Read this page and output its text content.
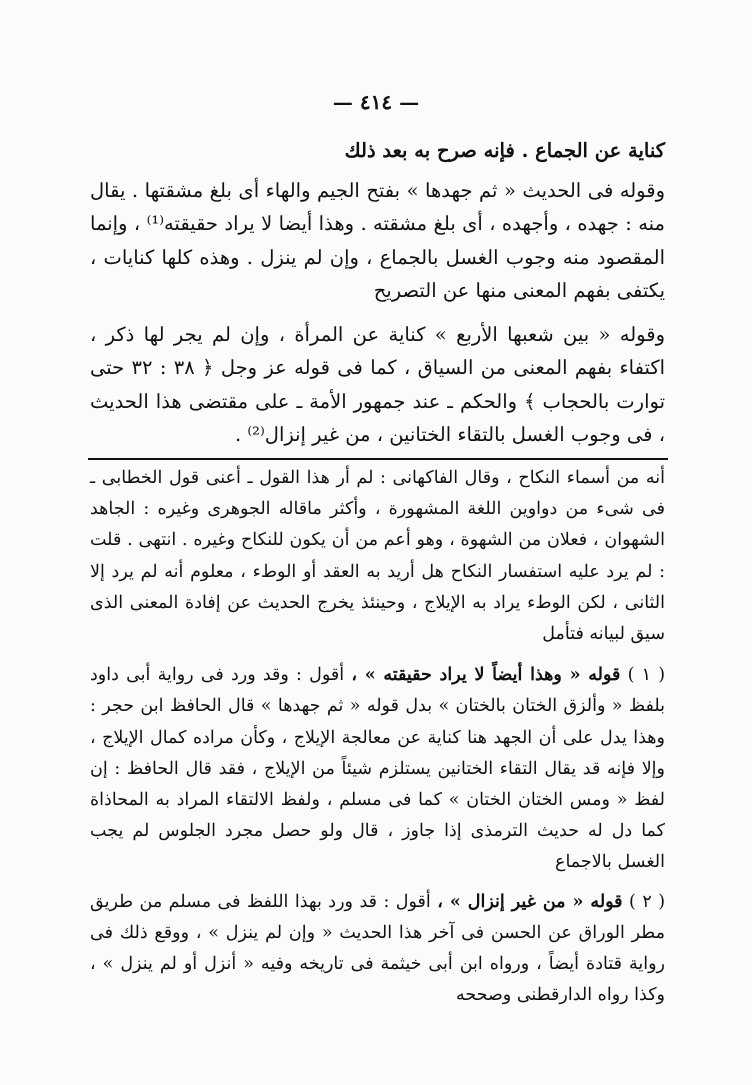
— ٤١٤ —

كناية عن الجماع . فإنه صرح به بعد ذلك

وقوله فى الحديث « ثم جهدها » بفتح الجيم والهاء أى بلغ مشقتها . يقال منه : جهده ، وأجهده ، أى بلغ مشقته . وهذا أيضا لا يراد حقيقته⁽¹⁾ ، وإنما المقصود منه وجوب الغسل بالجماع ، وإن لم ينزل . وهذه كلها كنايات ، يكتفى بفهم المعنى منها عن التصريح

وقوله « بين شعبها الأربع » كناية عن المرأة ، وإن لم يجر لها ذكر ، اكتفاء بفهم المعنى من السياق ، كما فى قوله عز وجل ﴿ ٣٨ : ٣٢ حتى توارت بالحجاب ﴾ والحكم ـ عند جمهور الأمة ـ على مقتضى هذا الحديث ، فى وجوب الغسل بالتقاء الختانين ، من غير إنزال⁽²⁾ .

أنه من أسماء النكاح ، وقال الفاكهانى : لم أر هذا القول ـ أعنى قول الخطابى ـ فى شىء من دواوين اللغة المشهورة ، وأكثر ماقاله الجوهرى وغيره : الجاهد الشهوان ، فعلان من الشهوة ، وهو أعم من أن يكون للنكاح وغيره . انتهى . قلت : لم يرد عليه استفسار النكاح هل أريد به العقد أو الوطء ، معلوم أنه لم يرد إلا الثانى ، لكن الوطء يراد به الإيلاج ، وحينئذ يخرج الحديث عن إفادة المعنى الذى سيق لبيانه فتأمل

( ١ ) قوله « وهذا أيضاً لا يراد حقيقته » ، أقول : وقد ورد فى رواية أبى داود بلفظ « وألزق الختان بالختان » بدل قوله « ثم جهدها » قال الحافظ ابن حجر : وهذا يدل على أن الجهد هنا كناية عن معالجة الإيلاج ، وكأن مراده كمال الإيلاج ، وإلا فإنه قد يقال التقاء الختانين يستلزم شيئاً من الإيلاج ، فقد قال الحافظ : إن لفظ « ومس الختان الختان » كما فى مسلم ، ولفظ الالتقاء المراد به المحاذاة كما دل له حديث الترمذى إذا جاوز ، قال ولو حصل مجرد الجلوس لم يجب الغسل بالاجماع

( ٢ ) قوله « من غير إنزال » ، أقول : قد ورد بهذا اللفظ فى مسلم من طريق مطر الوراق عن الحسن فى آخر هذا الحديث « وإن لم ينزل » ، ووقع ذلك فى رواية قتادة أيضاً ، ورواه ابن أبى خيثمة فى تاريخه وفيه « أنزل أو لم ينزل » ، وكذا رواه الدارقطنى وصححه
